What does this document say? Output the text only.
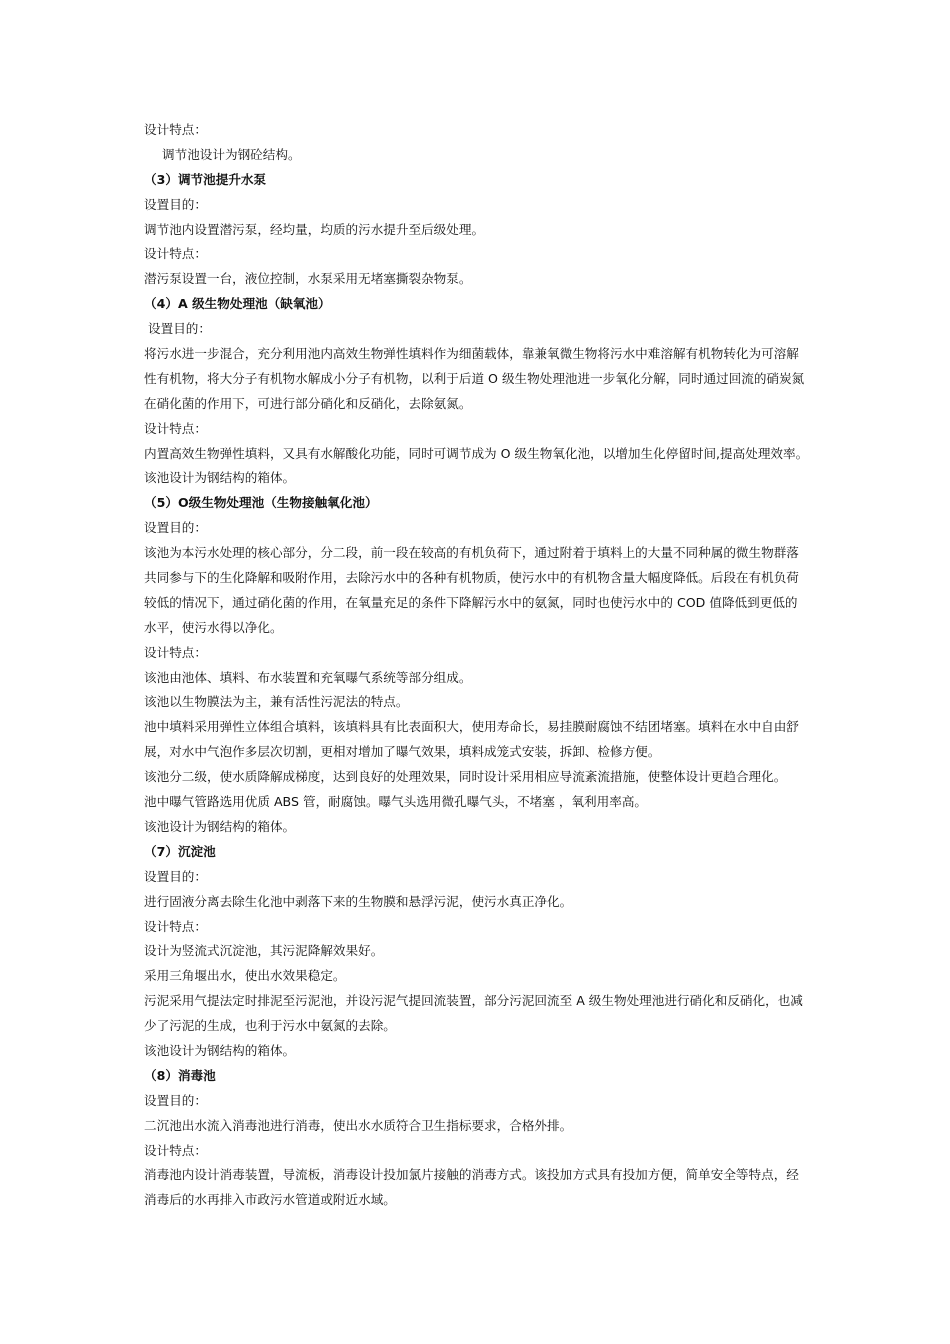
设计特点：
调节池设计为钢砼结构。
（3）调节池提升水泵
设置目的：
调节池内设置潜污泵，经均量，均质的污水提升至后级处理。
设计特点：
潜污泵设置一台，液位控制，水泵采用无堵塞撕裂杂物泵。
（4）A 级生物处理池（缺氧池）
设置目的：
将污水进一步混合，充分利用池内高效生物弹性填料作为细菌载体，靠兼氧微生物将污水中难溶解有机物转化为可溶解
性有机物，将大分子有机物水解成小分子有机物，以利于后道 O 级生物处理池进一步氧化分解，同时通过回流的硝炭氮
在硝化菌的作用下，可进行部分硝化和反硝化，去除氨氮。
设计特点：
内置高效生物弹性填料，又具有水解酸化功能，同时可调节成为 O 级生物氧化池，以增加生化停留时间,提高处理效率。
该池设计为钢结构的箱体。
（5）O级生物处理池（生物接触氧化池）
设置目的：
该池为本污水处理的核心部分，分二段，前一段在较高的有机负荷下，通过附着于填料上的大量不同种属的微生物群落
共同参与下的生化降解和吸附作用，去除污水中的各种有机物质，使污水中的有机物含量大幅度降低。后段在有机负荷
较低的情况下，通过硝化菌的作用，在氧量充足的条件下降解污水中的氨氮，同时也使污水中的 COD 值降低到更低的
水平，使污水得以净化。
设计特点：
该池由池体、填料、布水装置和充氧曝气系统等部分组成。
该池以生物膜法为主，兼有活性污泥法的特点。
池中填料采用弹性立体组合填料，该填料具有比表面积大，使用寿命长，易挂膜耐腐蚀不结团堵塞。填料在水中自由舒
展，对水中气泡作多层次切割，更相对增加了曝气效果，填料成笼式安装，拆卸、检修方便。
该池分二级，使水质降解成梯度，达到良好的处理效果，同时设计采用相应导流紊流措施，使整体设计更趋合理化。
池中曝气管路选用优质 ABS 管，耐腐蚀。曝气头选用微孔曝气头，不堵塞 ，氧利用率高。
该池设计为钢结构的箱体。
（7）沉淀池
设置目的：
进行固液分离去除生化池中剥落下来的生物膜和悬浮污泥，使污水真正净化。
设计特点：
设计为竖流式沉淀池，其污泥降解效果好。
采用三角堰出水，使出水效果稳定。
污泥采用气提法定时排泥至污泥池，并设污泥气提回流装置，部分污泥回流至 A 级生物处理池进行硝化和反硝化，也减
少了污泥的生成，也利于污水中氨氮的去除。
该池设计为钢结构的箱体。
（8）消毒池
设置目的：
二沉池出水流入消毒池进行消毒，使出水水质符合卫生指标要求，合格外排。
设计特点：
消毒池内设计消毒装置，导流板，消毒设计投加氯片接触的消毒方式。该投加方式具有投加方便，简单安全等特点，经
消毒后的水再排入市政污水管道或附近水域。
